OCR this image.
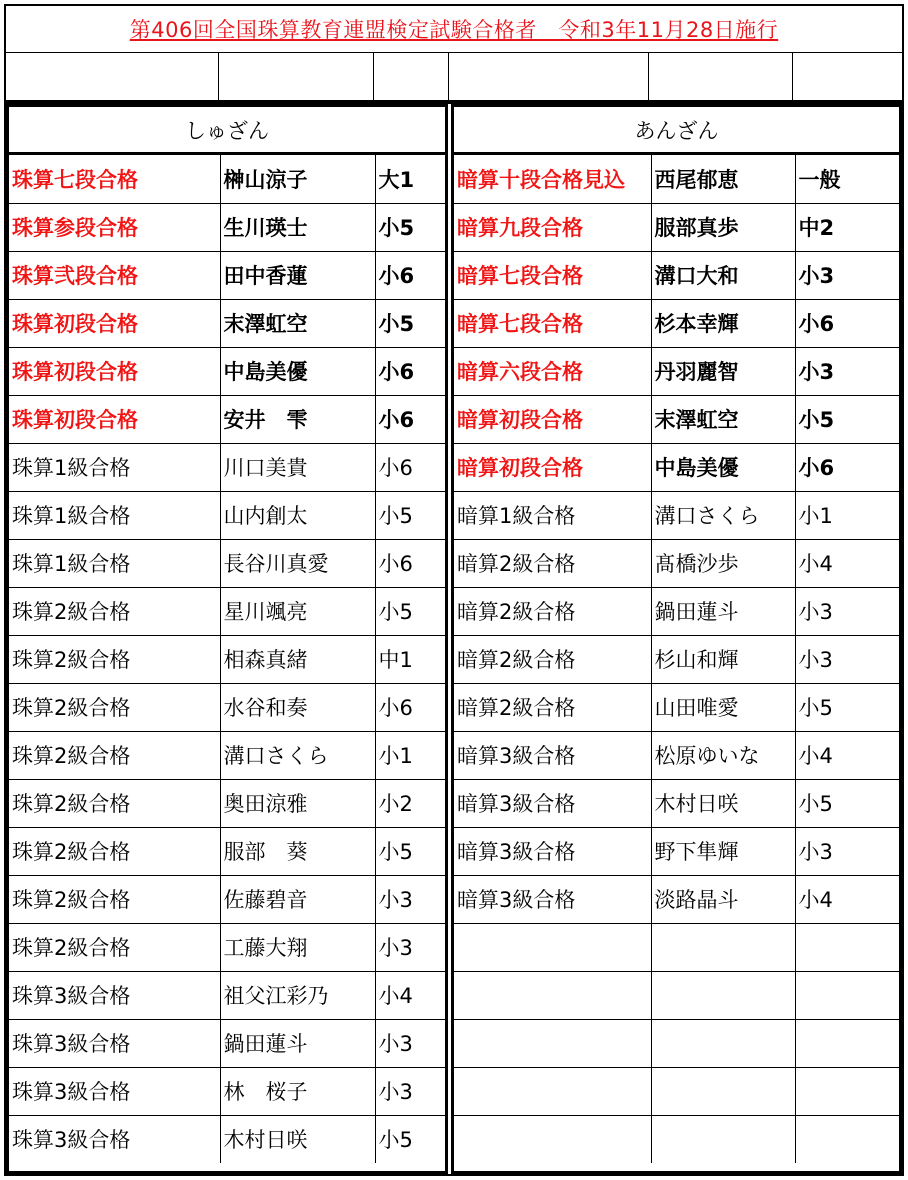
第406回全国珠算教育連盟検定試験合格者　令和3年11月28日施行
しゅざん
珠算七段合格	榊山涼子	大1
珠算参段合格	生川瑛士	小5
珠算弐段合格	田中香蓮	小6
珠算初段合格	末澤虹空	小5
珠算初段合格	中島美優	小6
珠算初段合格	安井　雫	小6
珠算1級合格	川口美貴	小6
珠算1級合格	山内創太	小5
珠算1級合格	長谷川真愛	小6
珠算2級合格	星川颯亮	小5
珠算2級合格	相森真緒	中1
珠算2級合格	水谷和奏	小6
珠算2級合格	溝口さくら	小1
珠算2級合格	奥田涼雅	小2
珠算2級合格	服部　葵	小5
珠算2級合格	佐藤碧音	小3
珠算2級合格	工藤大翔	小3
珠算3級合格	祖父江彩乃	小4
珠算3級合格	鍋田蓮斗	小3
珠算3級合格	林　桜子	小3
珠算3級合格	木村日咲	小5
あんざん
暗算十段合格見込	西尾郁恵	一般
暗算九段合格	服部真歩	中2
暗算七段合格	溝口大和	小3
暗算七段合格	杉本幸輝	小6
暗算六段合格	丹羽麗智	小3
暗算初段合格	末澤虹空	小5
暗算初段合格	中島美優	小6
暗算1級合格	溝口さくら	小1
暗算2級合格	髙橋沙歩	小4
暗算2級合格	鍋田蓮斗	小3
暗算2級合格	杉山和輝	小3
暗算2級合格	山田唯愛	小5
暗算3級合格	松原ゆいな	小4
暗算3級合格	木村日咲	小5
暗算3級合格	野下隼輝	小3
暗算3級合格	淡路晶斗	小4
